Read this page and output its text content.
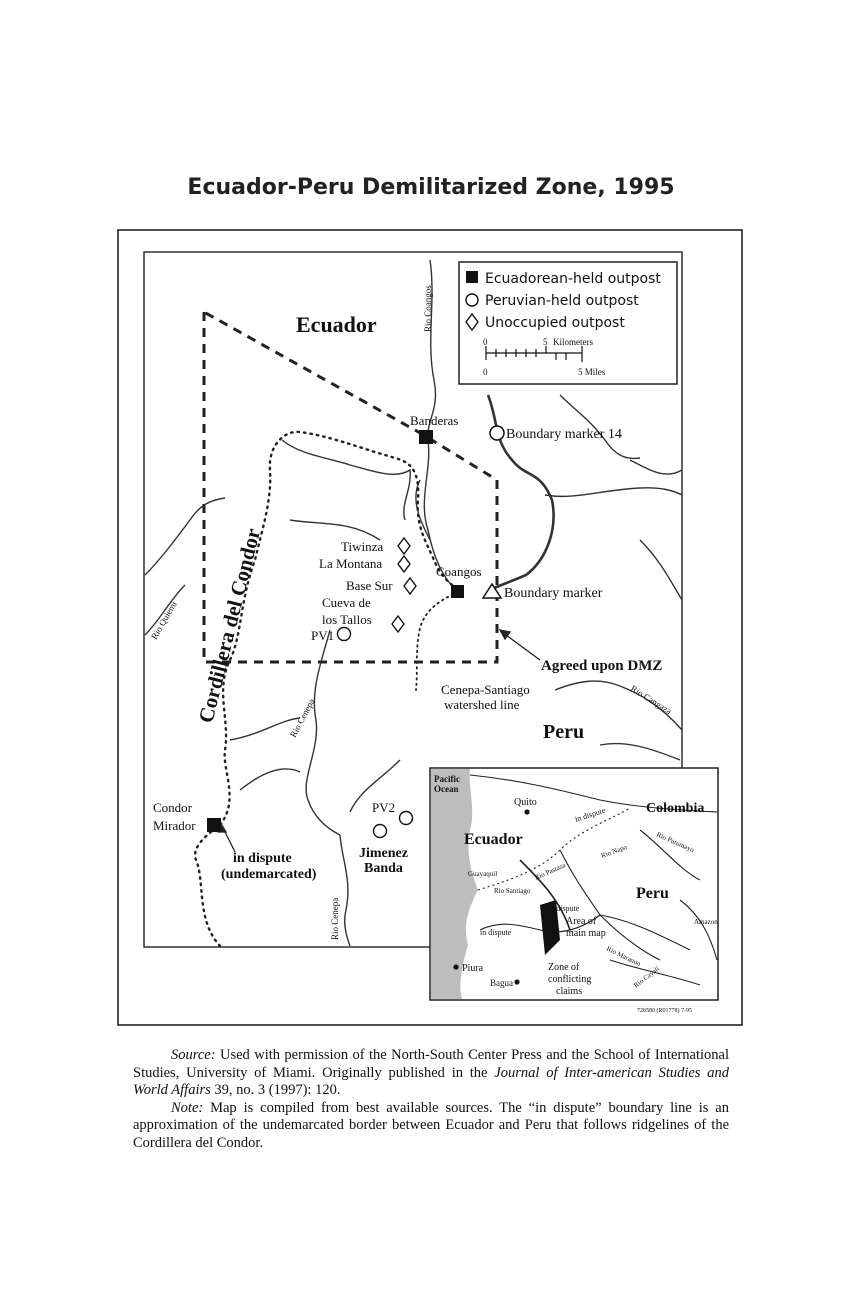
Ecuador-Peru Demilitarized Zone, 1995
Ecuadorean-held outpost
Peruvian-held outpost
Unoccupied outpost
0	5 Kilometers
0	5 Miles
Ecuador
Peru
Banderas
Boundary marker 14
Boundary marker
Tiwinza
La Montana
Base Sur
Cueva de
los Tallos
Coangos
PV1
PV2
Agreed upon DMZ
Cenepa-Santiago
watershed line
Condor
Mirador
in dispute
(undemarcated)
Jimenez
Banda
Cordillera del Condor
Rio Quiemi
Rio Coangos
Rio Cenepa
Rio Cenepa
Rio Cangaza
Pacific
Ocean
Quito	Colombia
Ecuador
Peru
in dispute
in dispute
in dispute
Guayaquil
Rio Santiago
Rio Putumayo
Rio Napo
Rio Pastaza
Area of
main map
Amazon
Rio Maranon
Piura	Zone of
conflicting
claims
Bagua	Rio Cayali
726580 (R01778) 7-95

Source: Used with permission of the North-South Center Press and the School of International Studies, University of Miami. Originally published in the Journal of Inter-american Studies and World Affairs 39, no. 3 (1997): 120.

Note: Map is compiled from best available sources. The “in dispute” boundary line is an approximation of the undemarcated border between Ecuador and Peru that follows ridgelines of the Cordillera del Condor.
